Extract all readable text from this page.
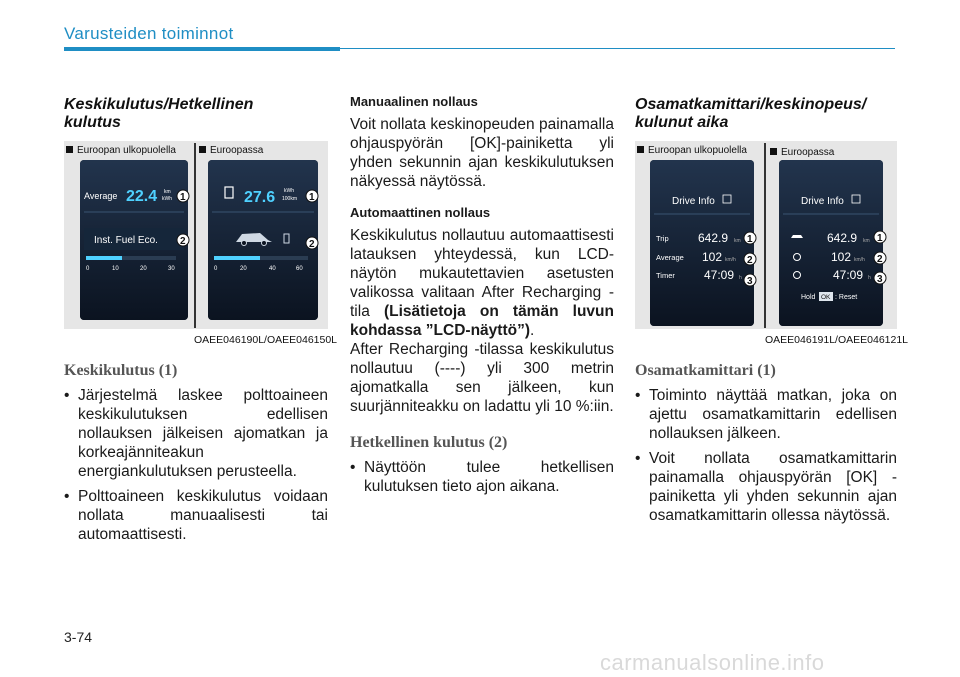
Varusteiden toiminnot
Keskikulutus/Hetkellinen kulutus
Euroopan ulkopuolella	Euroopassa
Average 22.4 km
kWh
Inst. Fuel Eco.
0	10	20	30
1
2
27.6 kWh
100km
0	20	40	60
1
2
OAEE046190L/OAEE046150L
Keskikulutus (1)
• Järjestelmä laskee polttoaineen keskikulutuksen edellisen nollauksen jälkeisen ajomatkan ja korkeajänniteakun energiankulutuksen perusteella.
• Polttoaineen keskikulutus voidaan nollata manuaalisesti tai automaattisesti.
Manuaalinen nollaus

Voit nollata keskinopeuden painamalla ohjauspyörän [OK]-painiketta yli yhden sekunnin ajan keskikulutuksen näkyessä näytössä.

Automaattinen nollaus

Keskikulutus nollautuu automaattisesti latauksen yhteydessä, kun LCD-näytön mukautettavien asetusten valikossa valitaan After Recharging -tila (Lisätietoja on tämän luvun kohdassa ”LCD-näyttö”).

After Recharging -tilassa keskikulutus nollautuu (----) yli 300 metrin ajomatkalla sen jälkeen, kun suurjänniteakku on ladattu yli 10 %:iin.

Hetkellinen kulutus (2)
• Näyttöön tulee hetkellisen kulutuksen tieto ajon aikana.
Osamatkamittari/keskinopeus/ kulunut aika
Euroopan ulkopuolella	Euroopassa
Drive Info
Trip 642.9 km
Average 102 km/h
Timer 47:09 h
1
2
3
Drive Info
642.9 km
102 km/h
47:09 h
Hold OK : Reset
1
2
3
OAEE046191L/OAEE046121L
Osamatkamittari (1)
• Toiminto näyttää matkan, joka on ajettu osamatkamittarin edellisen nollauksen jälkeen.
• Voit nollata osamatkamittarin painamalla ohjauspyörän [OK] -painiketta yli yhden sekunnin ajan osamatkamittarin ollessa näytössä.
3-74
carmanualsonline.info
